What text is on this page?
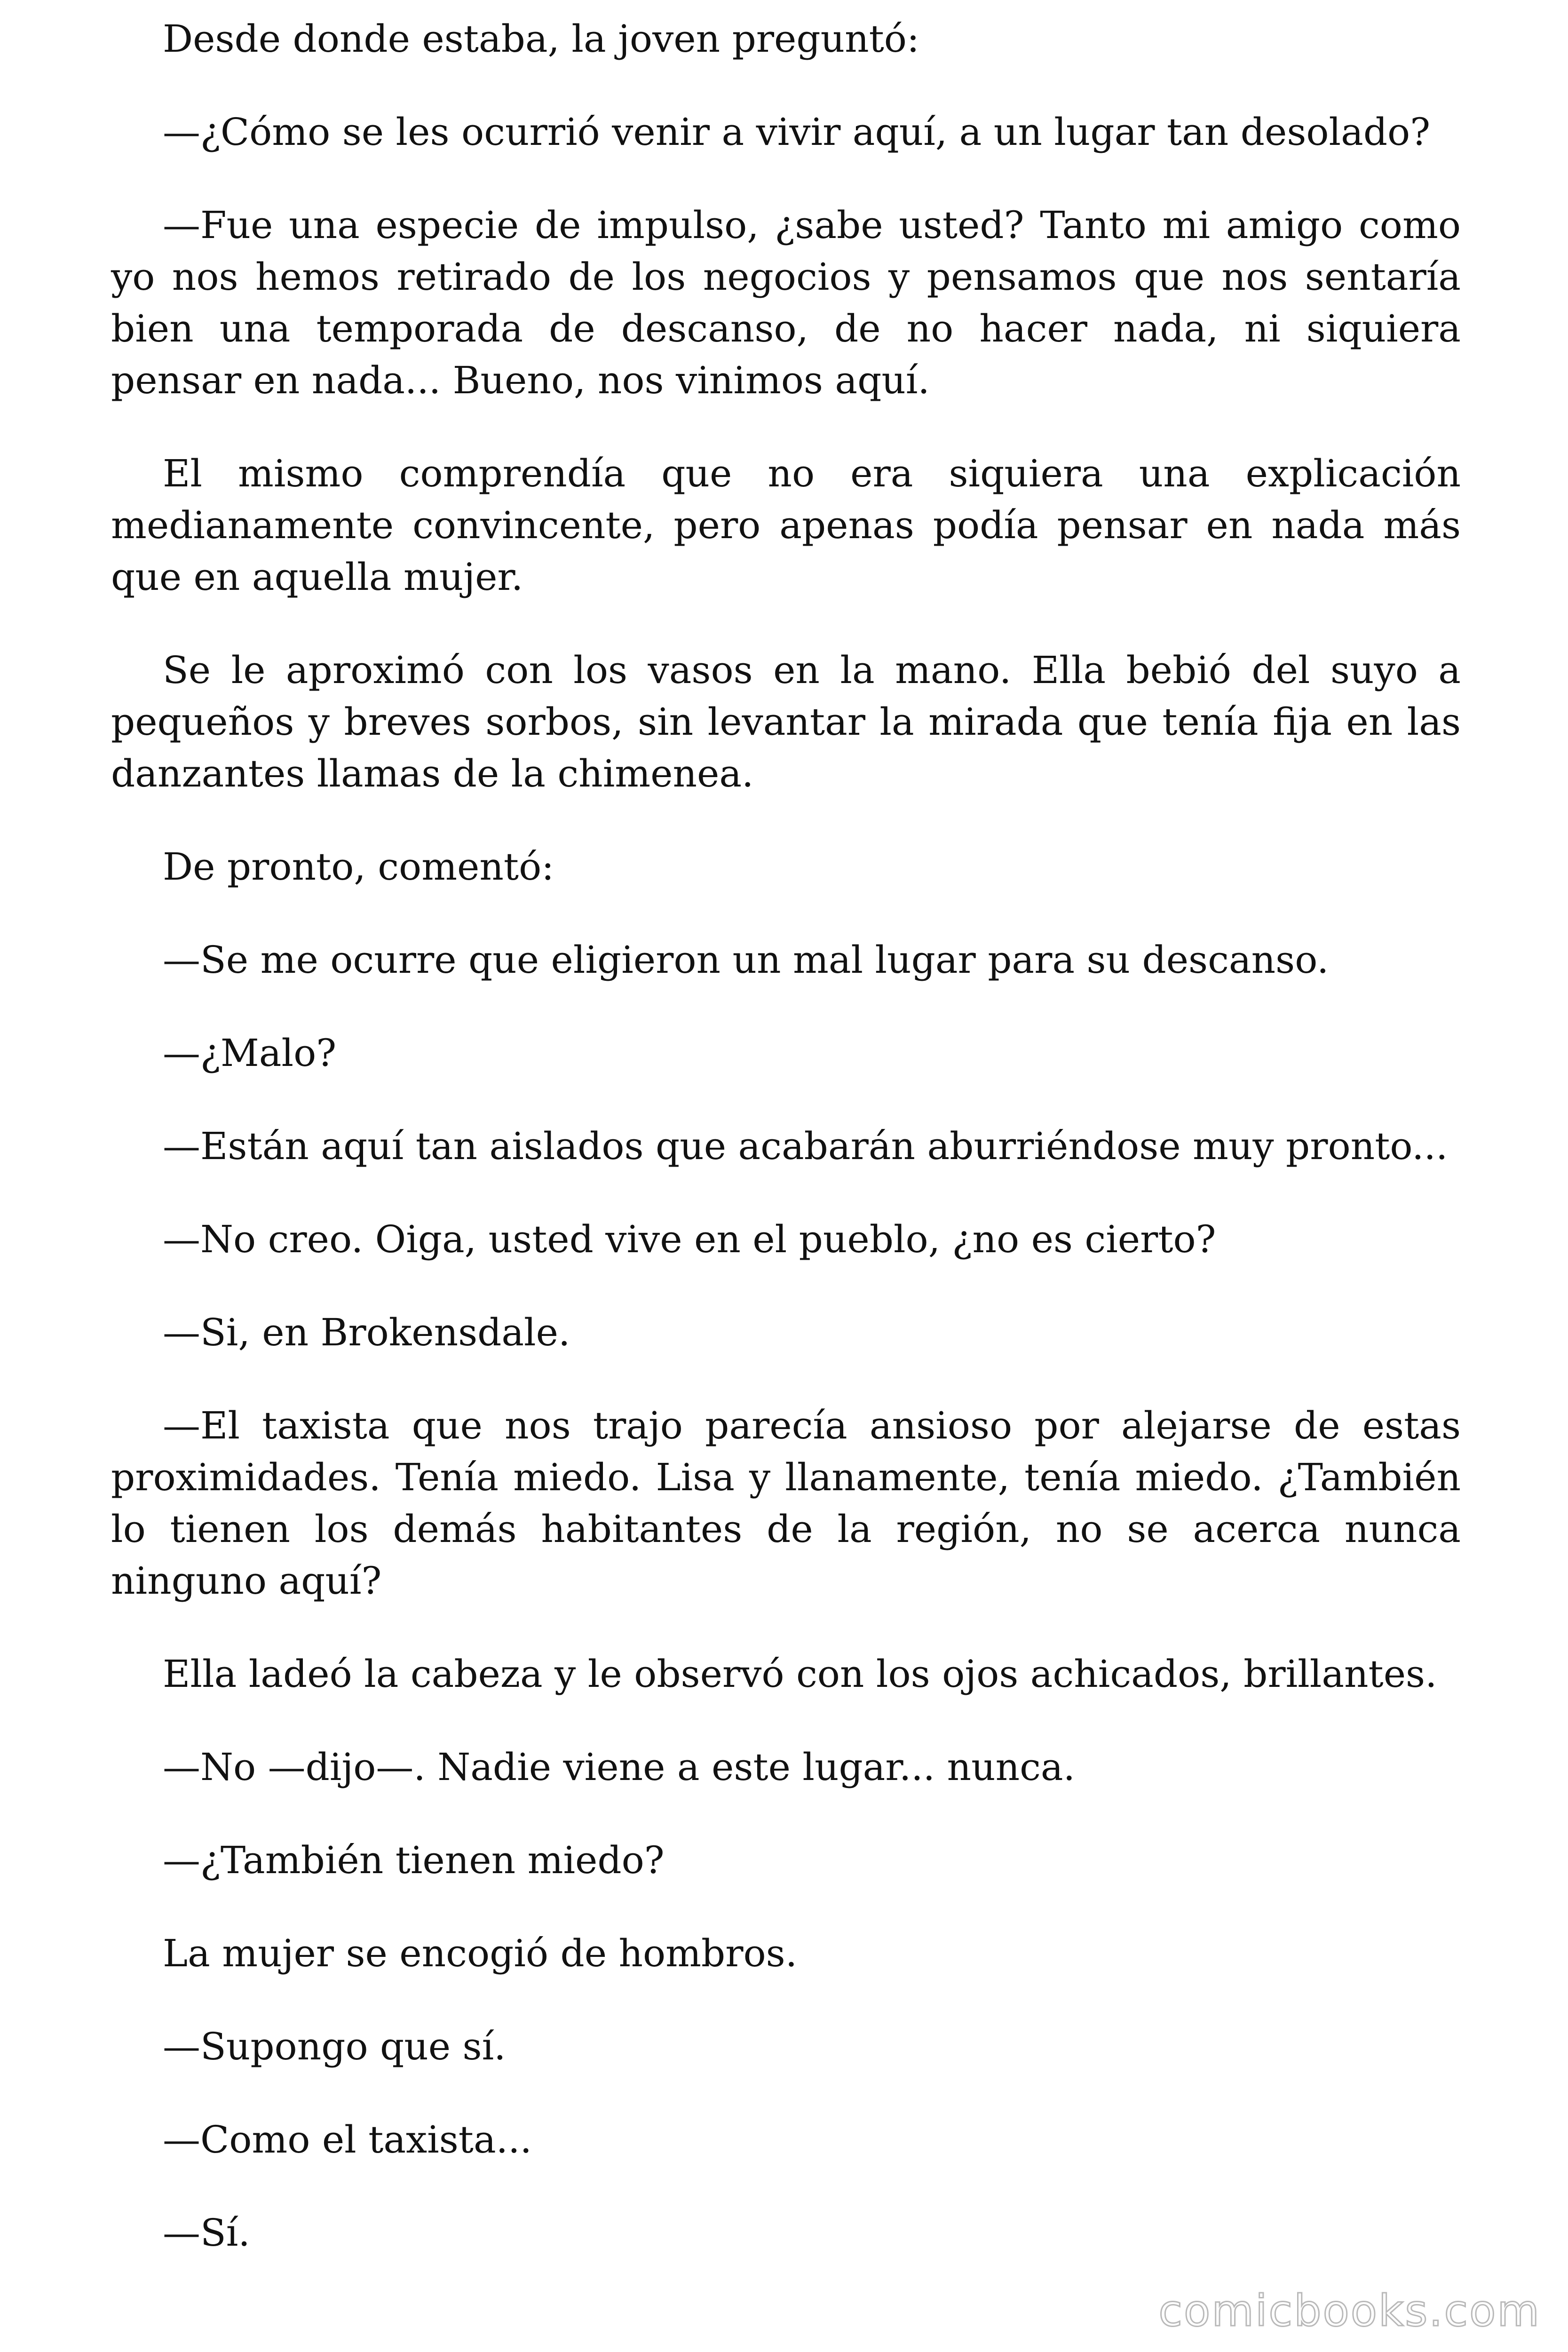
Desde donde estaba, la joven preguntó:

—¿Cómo se les ocurrió venir a vivir aquí, a un lugar tan desolado?

—Fue una especie de impulso, ¿sabe usted? Tanto mi amigo como yo nos hemos retirado de los negocios y pensamos que nos sentaría bien una temporada de descanso, de no hacer nada, ni siquiera pensar en nada... Bueno, nos vinimos aquí.

El mismo comprendía que no era siquiera una explicación medianamente convincente, pero apenas podía pensar en nada más que en aquella mujer.

Se le aproximó con los vasos en la mano. Ella bebió del suyo a pequeños y breves sorbos, sin levantar la mirada que tenía fija en las danzantes llamas de la chimenea.

De pronto, comentó:

—Se me ocurre que eligieron un mal lugar para su descanso.

—¿Malo?

—Están aquí tan aislados que acabarán aburriéndose muy pronto...

—No creo. Oiga, usted vive en el pueblo, ¿no es cierto?

—Si, en Brokensdale.

—El taxista que nos trajo parecía ansioso por alejarse de estas proximidades. Tenía miedo. Lisa y llanamente, tenía miedo. ¿También lo tienen los demás habitantes de la región, no se acerca nunca ninguno aquí?

Ella ladeó la cabeza y le observó con los ojos achicados, brillantes.

—No —dijo—. Nadie viene a este lugar... nunca.

—¿También tienen miedo?

La mujer se encogió de hombros.

—Supongo que sí.

—Como el taxista...

—Sí.

comicbooks.com
